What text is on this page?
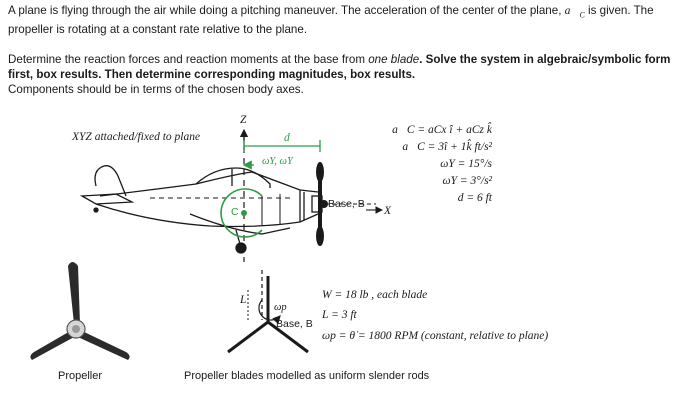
A plane is flying through the air while doing a pitching maneuver. The acceleration of the center of the plane, $a⃗_C$ is given. The propeller is rotating at a constant rate relative to the plane.

Determine the reaction forces and reaction moments at the base from one blade. Solve the system in algebraic/symbolic form first, box results. Then determine corresponding magnitudes, box results.
Components should be in terms of the chosen body axes.

XYZ attached/fixed to plane
Z
d
ωY, ω̇Y
C
Base, B
X
a⃗C = aCx î + aCz k̂
a⃗C = 3î + 1k̂ ft/s²
ωY = 15°/s
ω̇Y = 3°/s²
d = 6 ft
L
ωp
Base, B
W = 18 lb , each blade
L = 3 ft
ωp = θ̇ = 1800 RPM (constant, relative to plane)
Propeller	Propeller blades modelled as uniform slender rods
